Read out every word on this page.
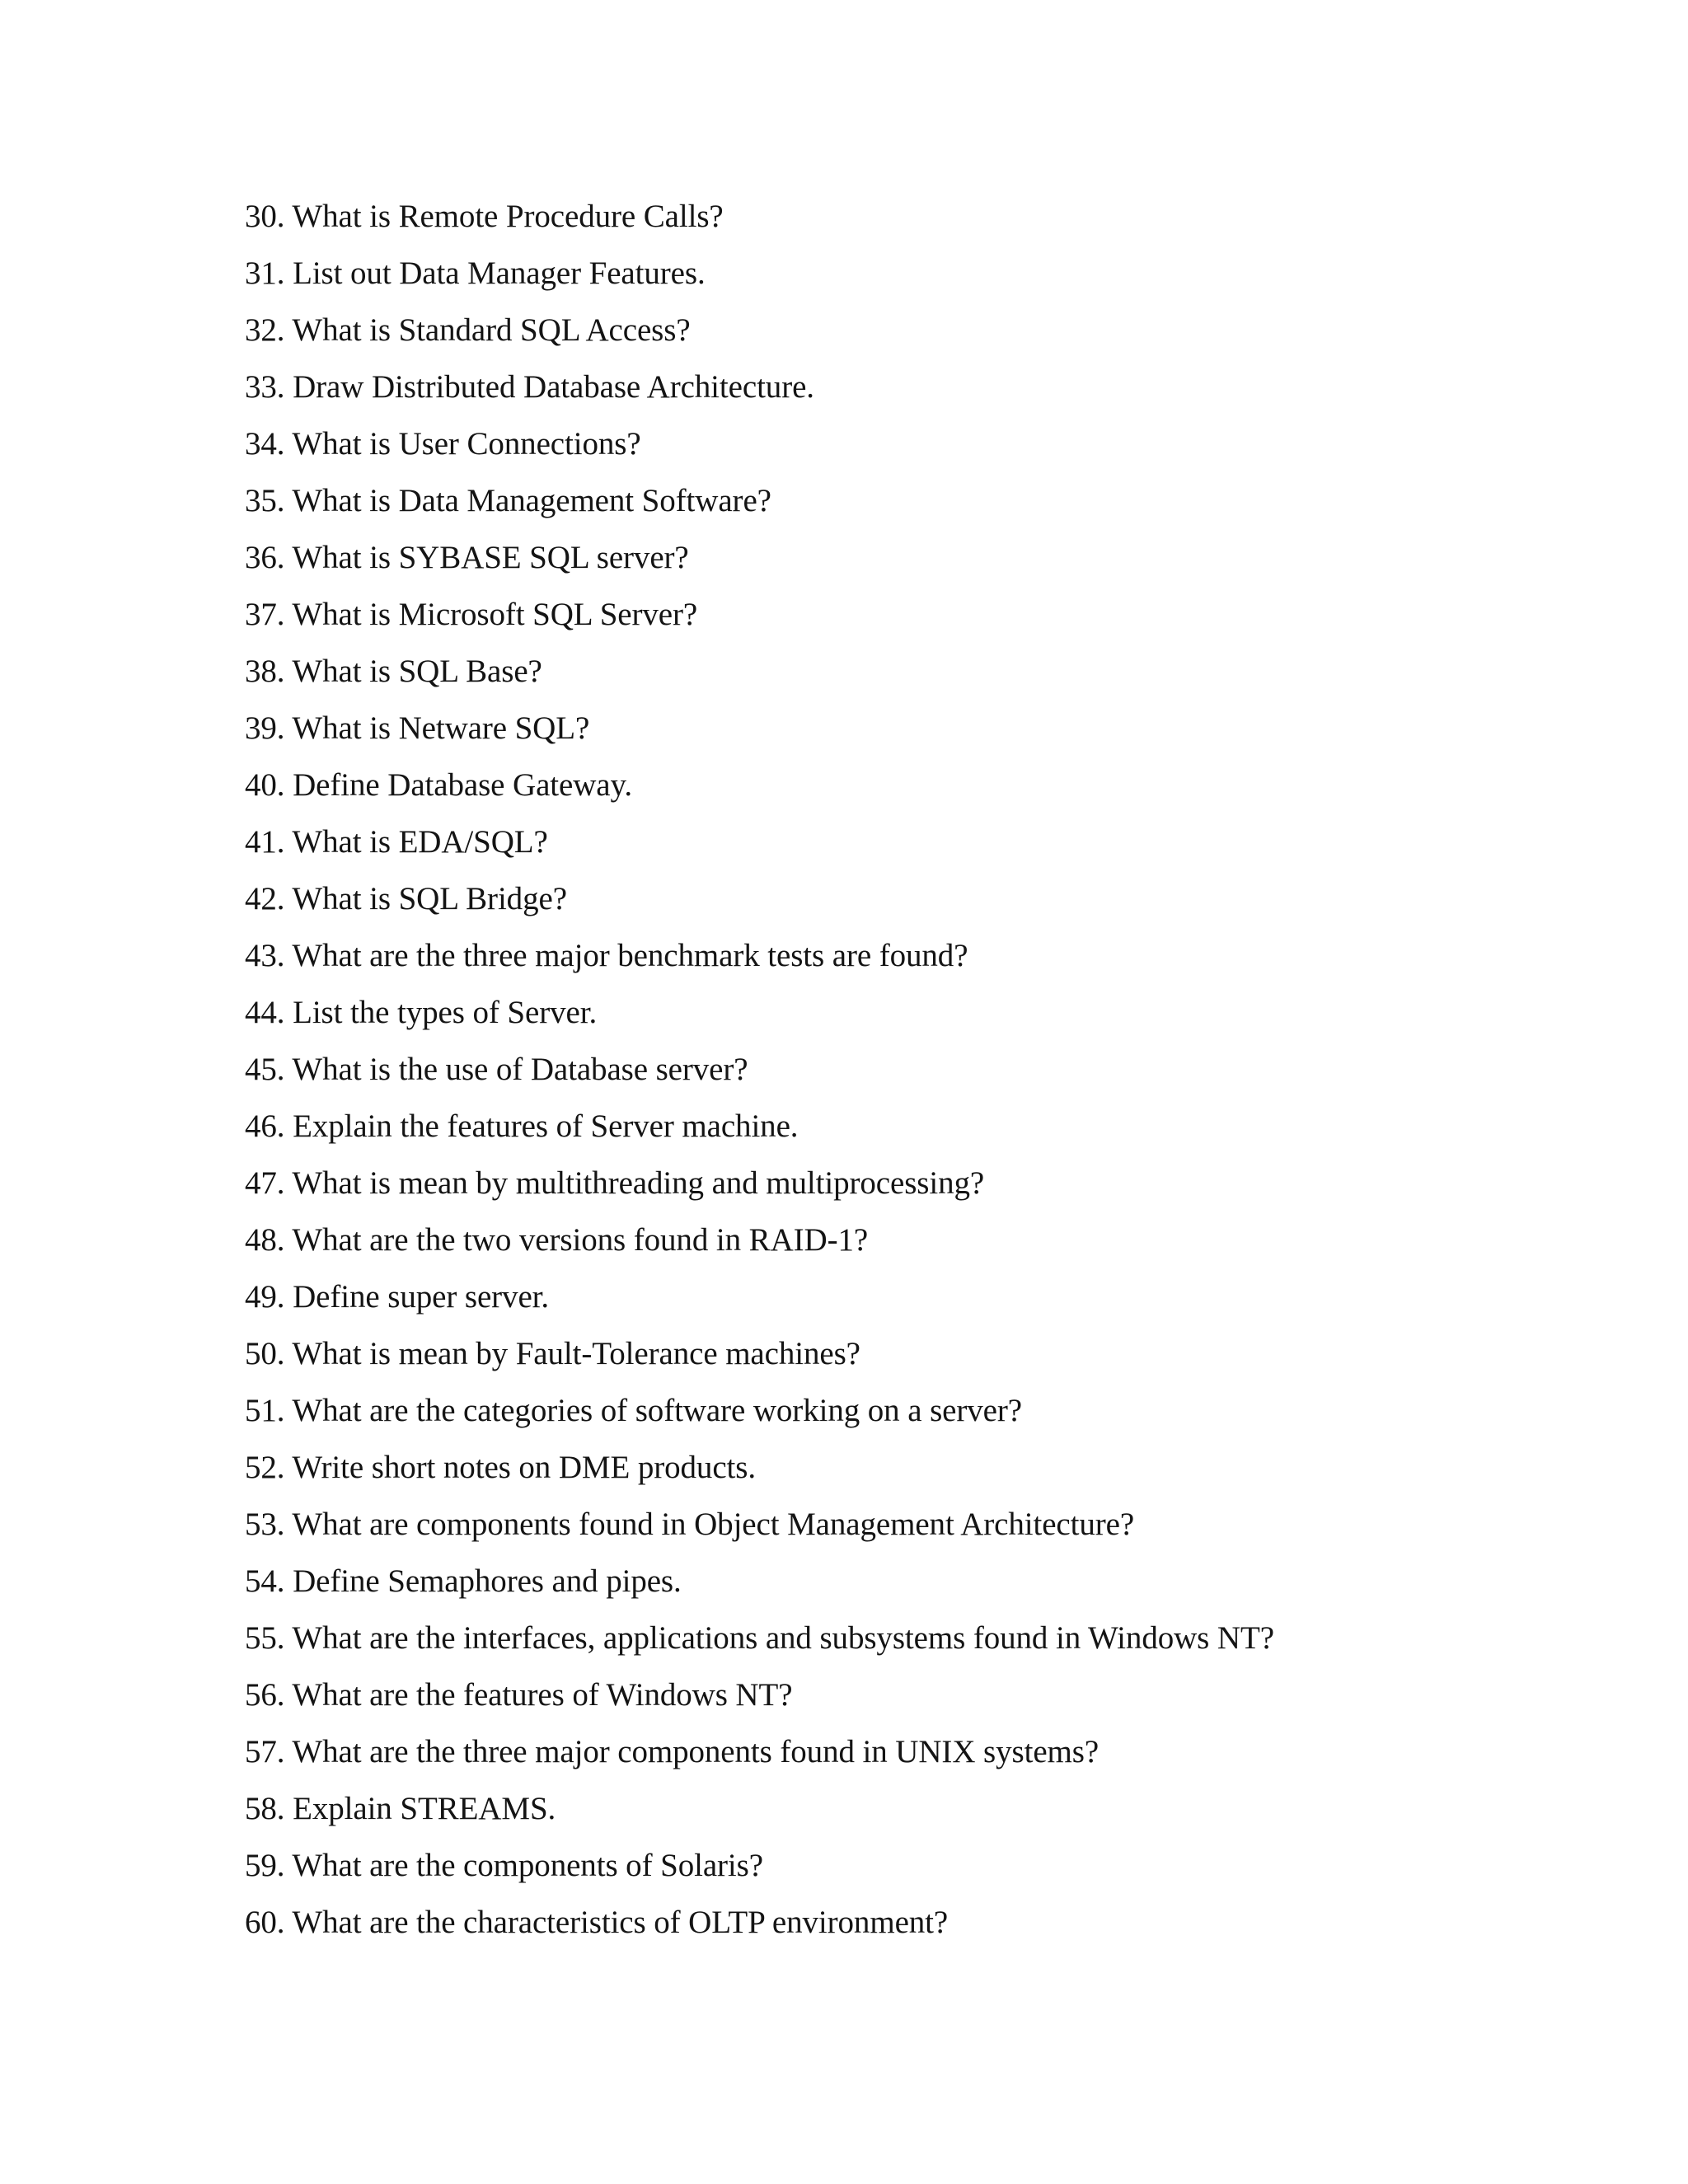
30. What is Remote Procedure Calls?
31. List out Data Manager Features.
32. What is Standard SQL Access?
33. Draw Distributed Database Architecture.
34. What is User Connections?
35. What is Data Management Software?
36. What is SYBASE SQL server?
37. What is Microsoft SQL Server?
38. What is SQL Base?
39. What is Netware SQL?
40. Define Database Gateway.
41. What is EDA/SQL?
42. What is SQL Bridge?
43. What are the three major benchmark tests are found?
44. List the types of Server.
45. What is the use of Database server?
46. Explain the features of Server machine.
47. What is mean by multithreading and multiprocessing?
48. What are the two versions found in RAID-1?
49. Define super server.
50. What is mean by Fault-Tolerance machines?
51. What are the categories of software working on a server?
52. Write short notes on DME products.
53. What are components found in Object Management Architecture?
54. Define Semaphores and pipes.
55. What are the interfaces, applications and subsystems found in Windows NT?
56. What are the features of Windows NT?
57. What are the three major components found in UNIX systems?
58. Explain STREAMS.
59. What are the components of Solaris?
60. What are the characteristics of OLTP environment?
